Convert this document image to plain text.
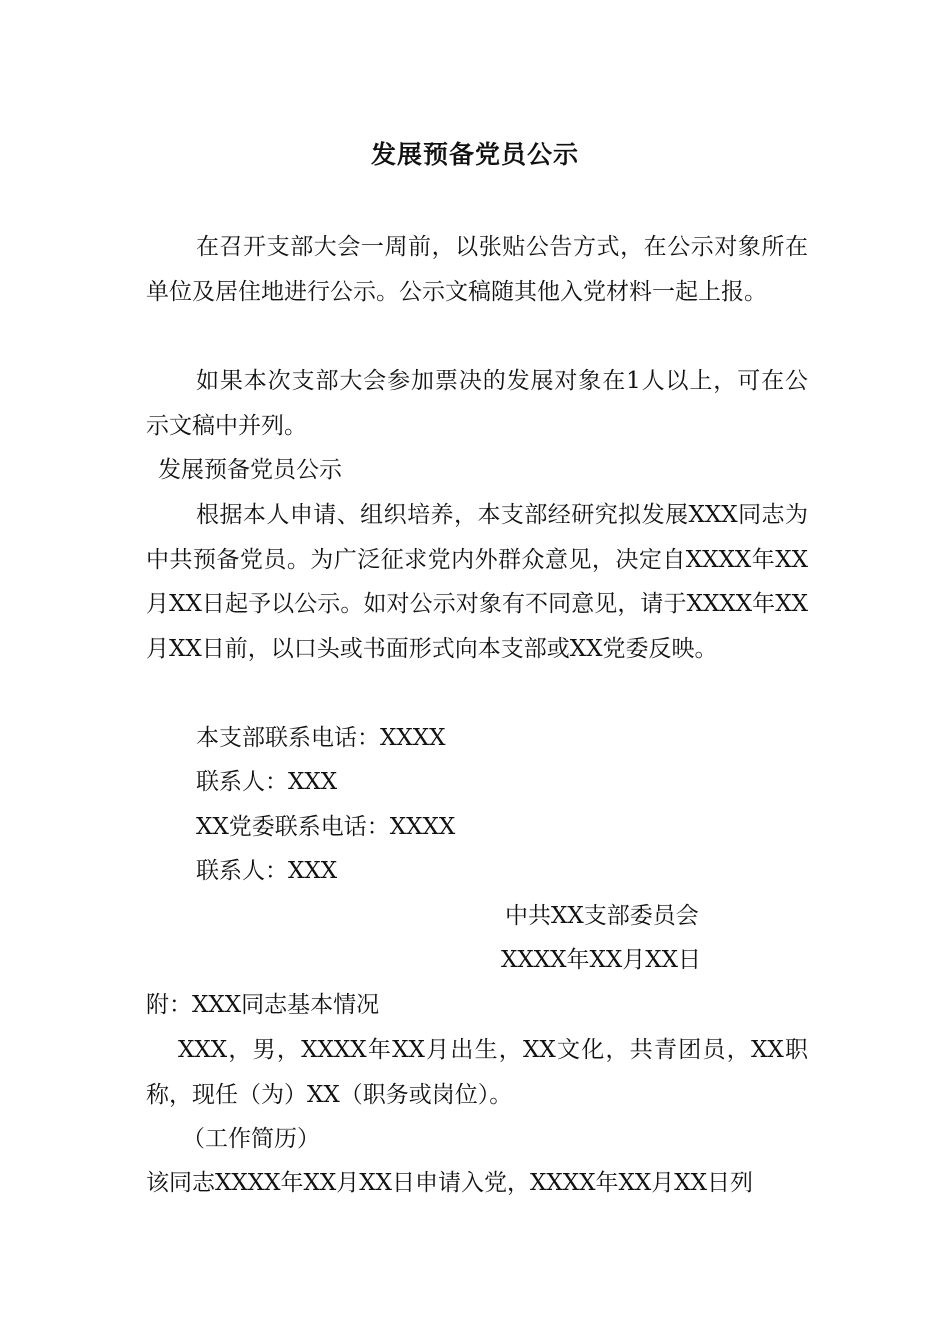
发展预备党员公示

在召开支部大会一周前，以张贴公告方式，在公示对象所在单位及居住地进行公示。公示文稿随其他入党材料一起上报。

如果本次支部大会参加票决的发展对象在1人以上，可在公示文稿中并列。

发展预备党员公示

根据本人申请、组织培养，本支部经研究拟发展XXX同志为中共预备党员。为广泛征求党内外群众意见，决定自XXXX年XX月XX日起予以公示。如对公示对象有不同意见，请于XXXX年XX月XX日前，以口头或书面形式向本支部或XX党委反映。

本支部联系电话：XXXX

联系人：XXX

XX党委联系电话：XXXX

联系人：XXX

中共XX支部委员会

XXXX年XX月XX日

附：XXX同志基本情况

XXX，男，XXXX年XX月出生，XX文化，共青团员，XX职称，现任（为）XX（职务或岗位）。

（工作简历）

该同志XXXX年XX月XX日申请入党，XXXX年XX月XX日列
